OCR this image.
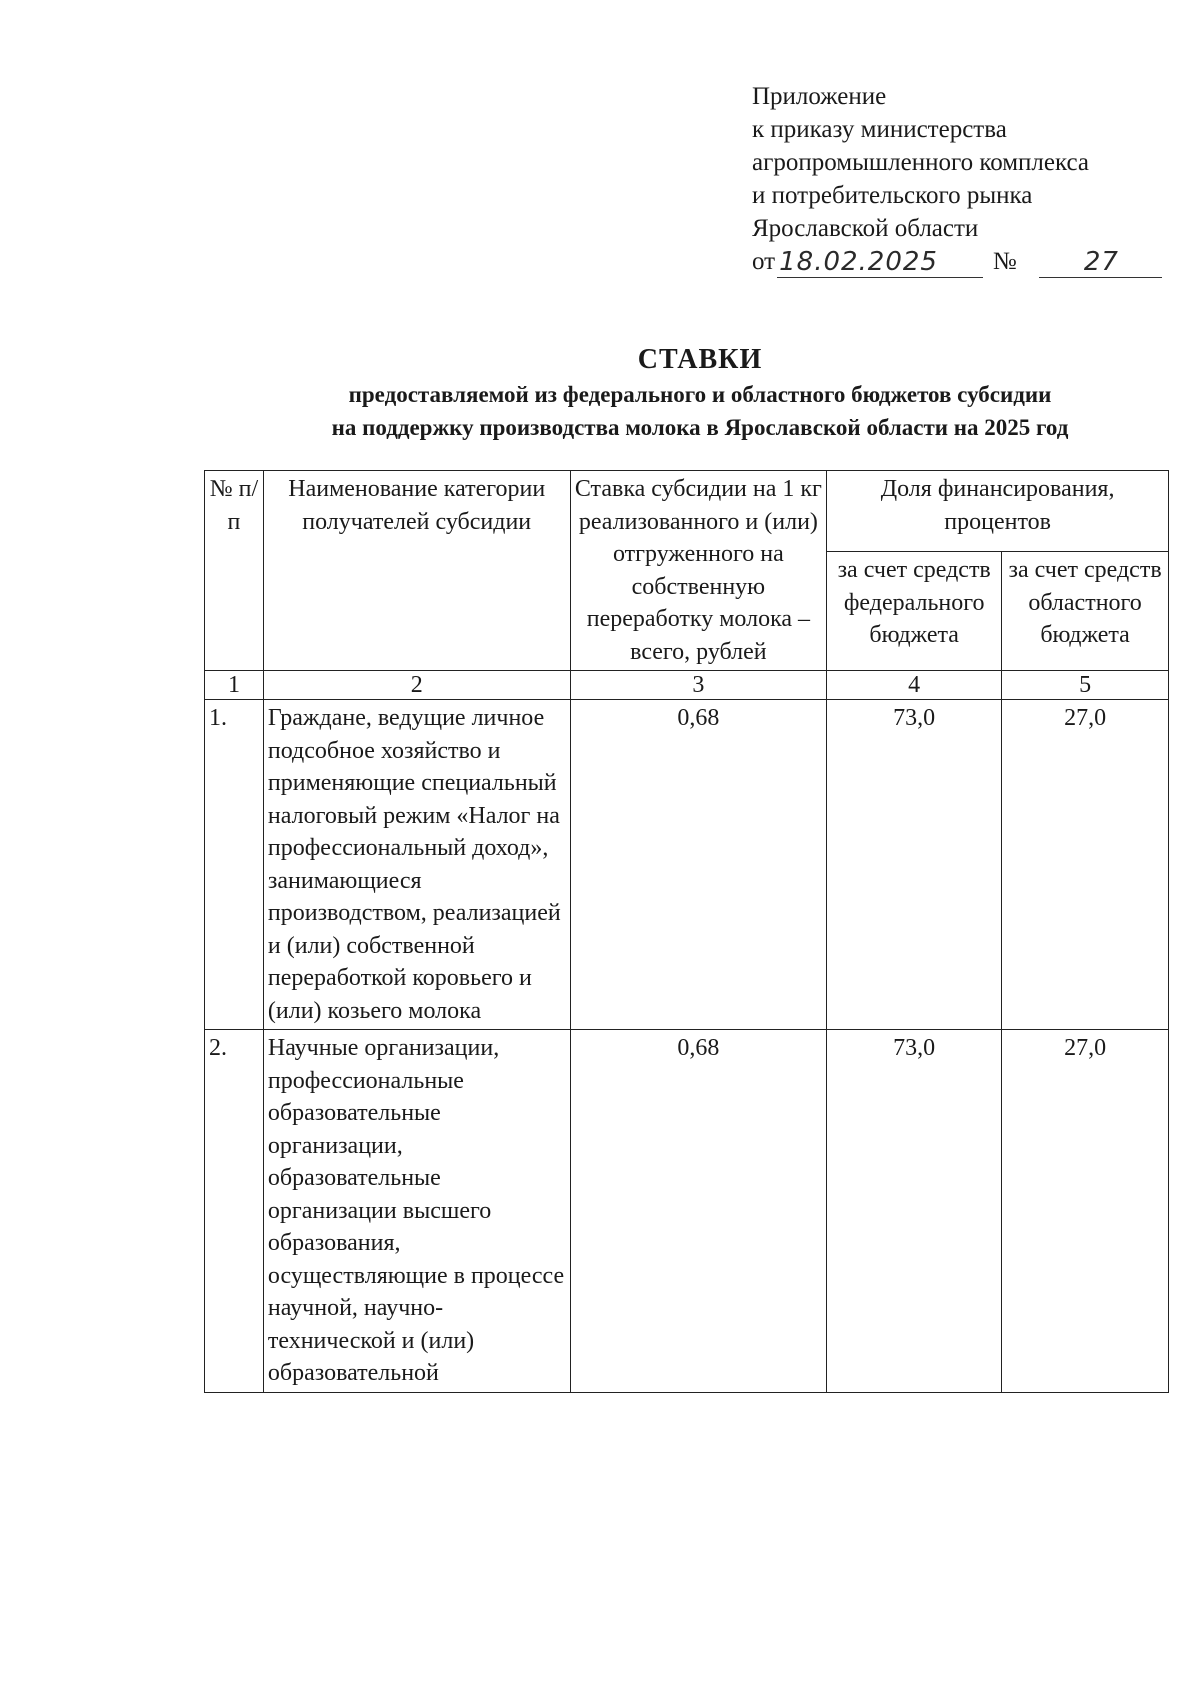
Приложение
к приказу министерства
агропромышленного комплекса
и потребительского рынка
Ярославской области
от 18.02.2025	№	27
СТАВКИ
предоставляемой из федерального и областного бюджетов субсидии
на поддержку производства молока в Ярославской области на 2025 год
№ п/п	Наименование категории получателей субсидии	Ставка субсидии на 1 кг реализованного и (или) отгруженного на собственную переработку молока – всего, рублей	Доля финансирования, процентов	
			за счет средств федерального бюджета	за счет средств областного бюджета
1	2	3	4	5
1.	Граждане, ведущие личное подсобное хозяйство и применяющие специальный налоговый режим «Налог на профессиональный доход», занимающиеся производством, реализацией и (или) собственной переработкой коровьего и (или) козьего молока	0,68	73,0	27,0
2.	Научные организации, профессиональные образовательные организации, образовательные организации высшего образования, осуществляющие в процессе научной, научно-технической и (или) образовательной	0,68	73,0	27,0
